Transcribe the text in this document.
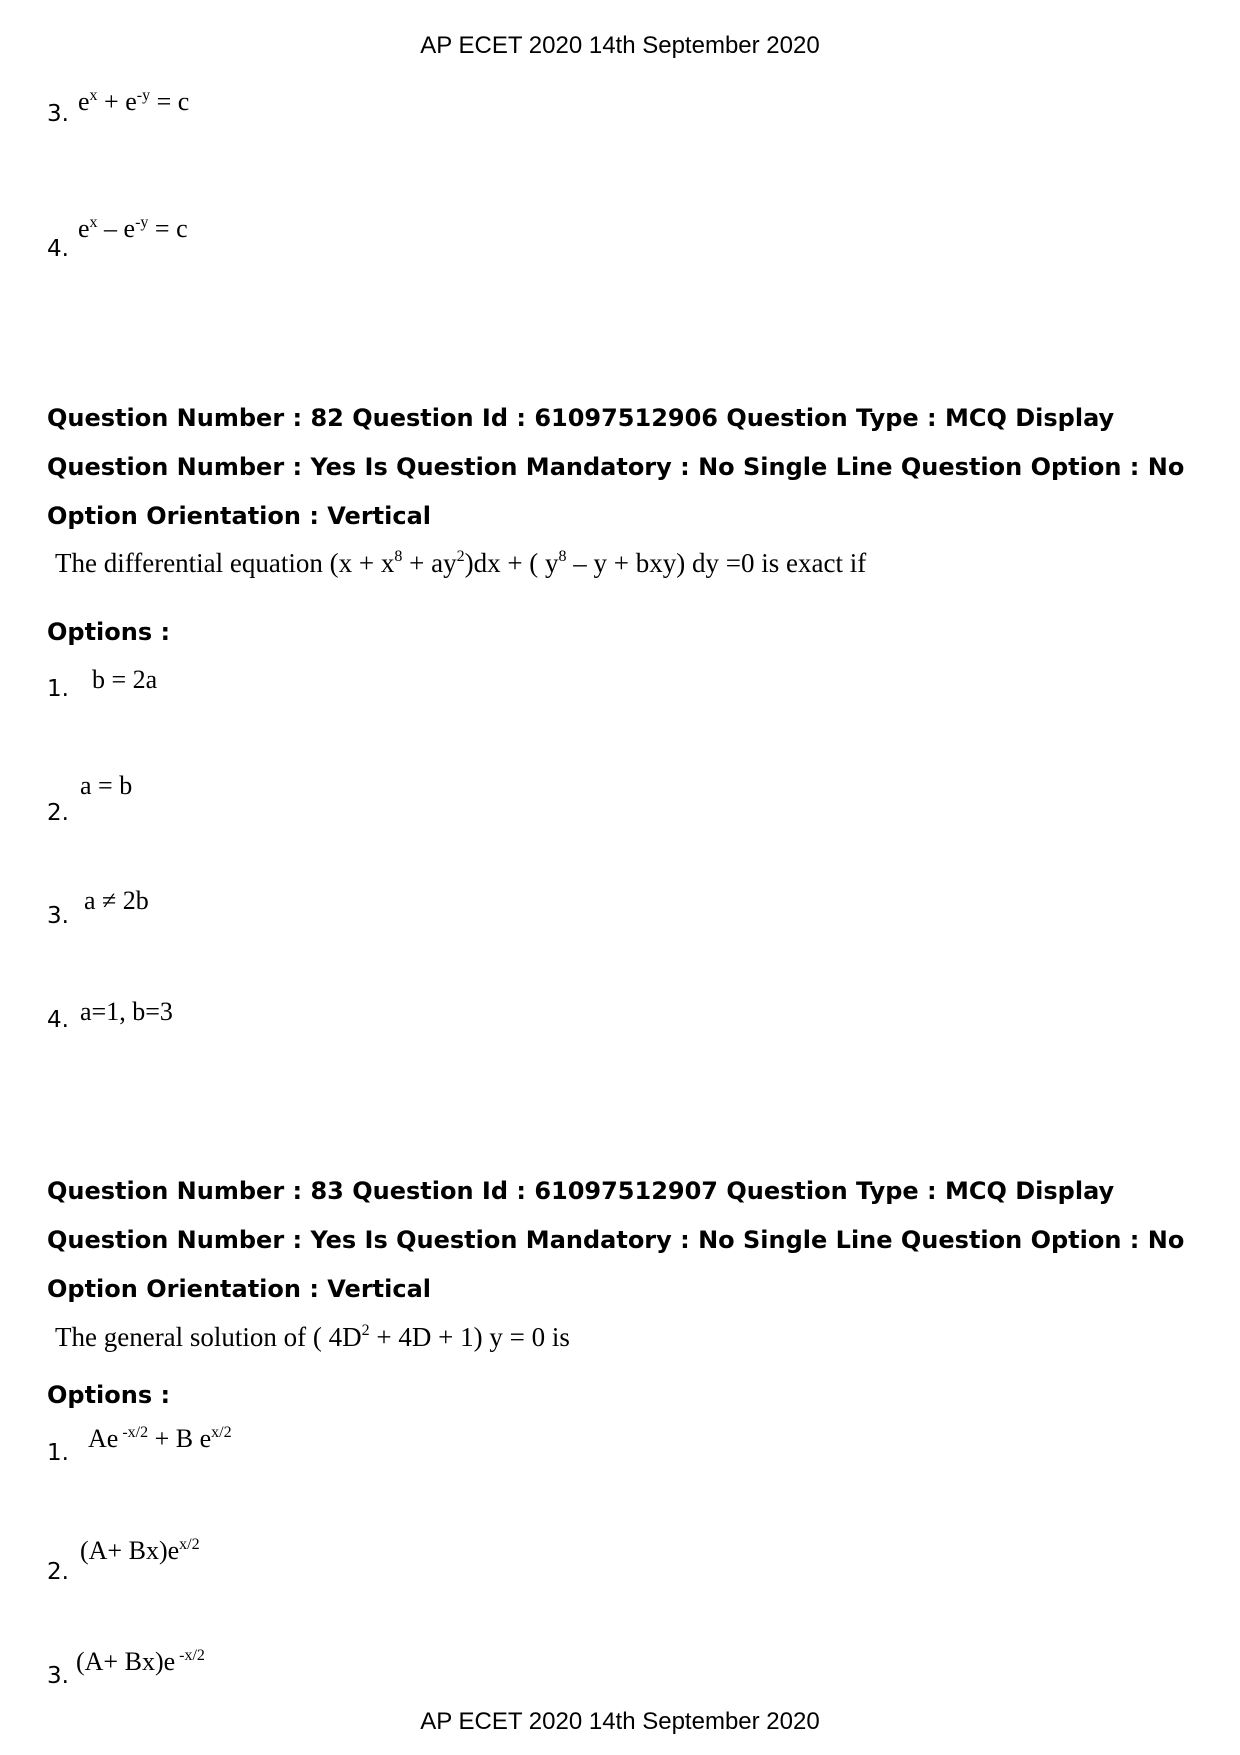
AP ECET 2020 14th September 2020
3. $e^x + e^{-y} = c$
4.
$e^x - e^{-y} = c$
Question Number : 82 Question Id : 61097512906 Question Type : MCQ Display Question Number : Yes Is Question Mandatory : No Single Line Question Option : No Option Orientation : Vertical
The differential equation $(x + x^8 + ay^2)dx$ + ( $y^8 - y + bxy$) dy =0 is exact if
Options :
1. b = 2a
2.
a = b
3.
a ≠ 2b
4. a=1, b=3
Question Number : 83 Question Id : 61097512907 Question Type : MCQ Display Question Number : Yes Is Question Mandatory : No Single Line Question Option : No Option Orientation : Vertical
The general solution of ( $4D^2 + 4D + 1$) y = 0 is
Options :
1. Ae $^{-x/2}$ + B $e^{x/2}$
2.
$(A+ Bx)e^{x/2}$
3. (A+ Bx)e $^{-x/2}$
AP ECET 2020 14th September 2020
